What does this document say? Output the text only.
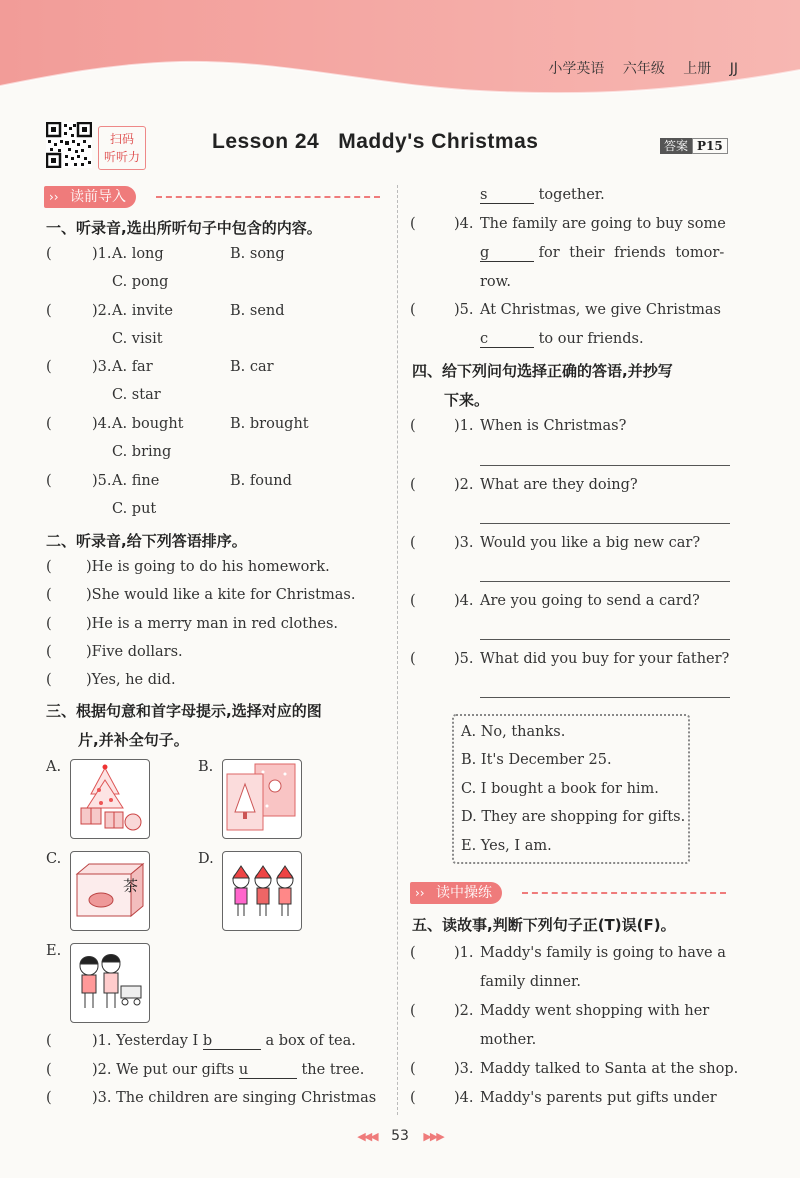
小学英语 六年级 上册 JJ
扫码
听听力
Lesson 24   Maddy's Christmas	答案 P15
读前导入
››
一、听录音,选出所听句子中包含的内容。
(	)1. A. long	B. song
C. pong
(	)2. A. invite	B. send
C. visit
(	)3. A. far	B. car
C. star
(	)4. A. bought	B. brought
C. bring
(	)5. A. fine	B. found
C. put
二、听录音,给下列答语排序。
( )He is going to do his homework.
( )She would like a kite for Christmas.
( )He is a merry man in red clothes.
( )Five dollars.
( )Yes, he did.
三、根据句意和首字母提示,选择对应的图
片,并补全句子。
A.	B.
C.
茶
D.
E.
(	)1. Yesterday I b	a box of tea.
(	)2. We put our gifts u	the tree.
(	)3. The children are singing Christmas
s	together.
(	)4. The family are going to buy some
g	for their friends tomor-
row.
(	)5. At Christmas, we give Christmas
c	to our friends.
四、给下列问句选择正确的答语,并抄写
下来。
(	)1. When is Christmas?
(	)2. What are they doing?
(	)3. Would you like a big new car?
(	)4. Are you going to send a card?
(	)5. What did you buy for your father?
A. No, thanks.
B. It's December 25.
C. I bought a book for him.
D. They are shopping for gifts.
E. Yes, I am.
读中操练
››
五、读故事,判断下列句子正(T)误(F)。
(	)1. Maddy's family is going to have a
family dinner.
(	)2. Maddy went shopping with her
mother.
(	)3. Maddy talked to Santa at the shop.
(	)4. Maddy's parents put gifts under
◀◀◀ 53 ▶▶▶
